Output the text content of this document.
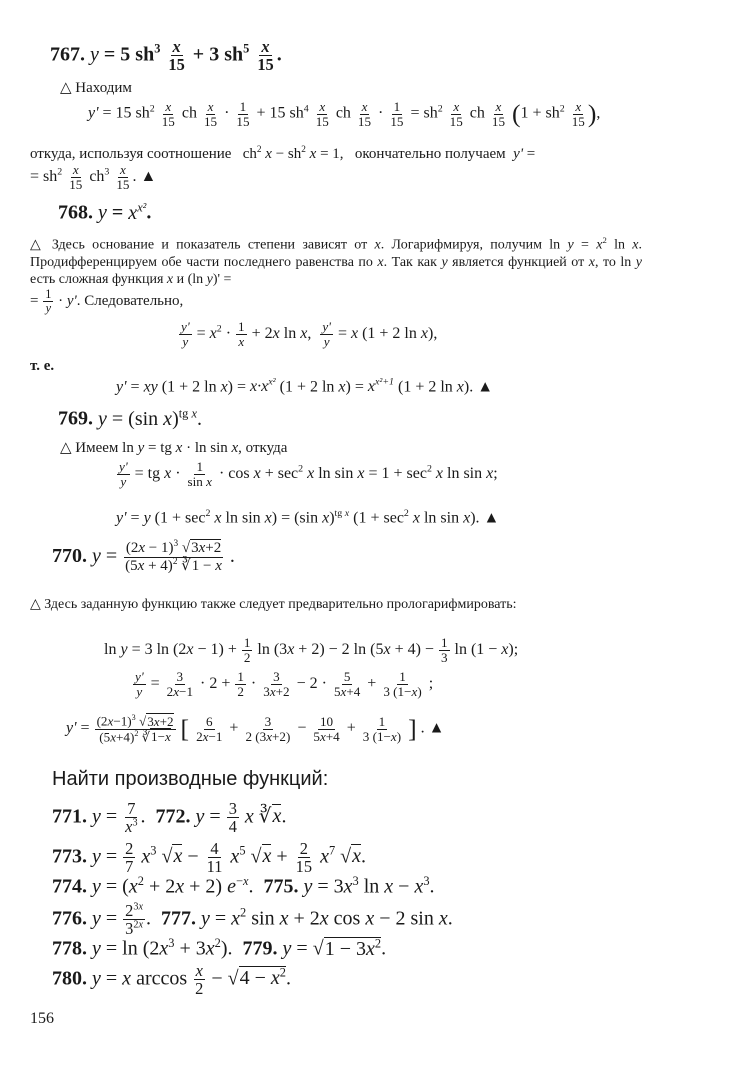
767. y = 5 $sh^3 \frac{x}{15} + 3$ $sh^5 \frac{x}{15}$ .
△ Находим
y' = 15 $sh^2 \frac{x}{15}$ ch $\frac{x}{15} \cdot \frac{1}{15} + 15$ $sh^4 \frac{x}{15}$ ch $\frac{x}{15} \cdot \frac{1}{15} = sh^2 \frac{x}{15}$ ch $\frac{x}{15} (1 + sh^2 \frac{x}{15}$ ),
откуда, используя соотношение   $ch^2$ $x - sh^2$ x = 1,   окончательно получаем y' =
= $sh^2 \frac{x}{15} ch^3 \frac{x}{15}$ . ▲
768. $y = x^{x^2}$.
△ Здесь основание и показатель степени зависят от x. Логарифмируя, получим $\ln y = x^2$ ln x. Продифференцируем обе части последнего равенства по x. Так как y является функцией от x, то ln y есть сложная функция x и (ln y)' =
= $\frac{1}{y} \cdot y'$. Следовательно,
$\frac{y'}{y} = x^2 \cdot \frac{1}{x} + 2x$ ln x, $\frac{y'}{y} = x$ (1 + 2 ln x),
т. е.
y' = xy (1 + 2 $\ln x) = x\cdot x^{x^2}$ (1 + 2 $\ln x) = x^{x^2+1}$ (1 + 2 ln x). ▲
769. y = (sin x)$^{tg x}$.
△ Имеем ln y = tg x · ln sin x, откуда
$\frac{y'}{y}$ = tg $x \cdot \frac{1}{\text{sin x}} \cdot \cos x + \sec^2 x$ $\ln \sin x = 1 + \sec^2 x$ ln sin x;
y' = y ($1 + \sec^2 x$ ln sin x) = (sin x)$^{tg x}$ ($1 + \sec^2 x$ ln sin x). ▲
770. $y = \frac{(2x - 1)^3 √3x+2}{(5x + 4)^2 ∛1 - x}$ .
△ Здесь заданную функцию также следует предварительно прологарифмировать:
ln y = 3 $\ln (2x - 1) + \frac{1}{2}$ ln (3x + 2) − 2 $\ln (5x + 4) - \frac{1}{3}$ ln (1 − x);
$\frac{y'}{y} = \frac{3}{2x-1} \cdot 2 + \frac{1}{2} \cdot \frac{3}{3x+2} - 2 \cdot \frac{5}{5x+4} + \frac{1}{3 (1-x)}$ ;
$y' = \frac{(2x-1)^3 √3x+2}{(5x+4)^2 ∛1-x}$ [ $\frac{6}{2x-1} + \frac{3}{2 (3x+2)} - \frac{10}{5x+4} + \frac{1}{3 (1-x)}$ ] . ▲
Найти производные функций:
771. $y = \frac{7}{x^3}$ .  772. $y = \frac{3}{4}$ x ∛x.
773. $y = \frac{2}{7} x^3$ $√x - \frac{4}{11} x^5$ $√x + \frac{2}{15} x^7$ √x.
774. $y = (x^2 + 2x + 2)$ $e^{-x}$.  775. $y = 3x^3$ $\ln x - x^3$.
776. $y = \frac{2^{3x}}{3^{2x}}$ .  777. $y = x^2$ sin x + 2x cos x − 2 sin x.
778. $y = \ln (2x^3 + 3x^2)$.  779. $y = √1 - 3x^2$.
780. y = x $\arccos \frac{x}{2} - √4 - x^2$.
156
